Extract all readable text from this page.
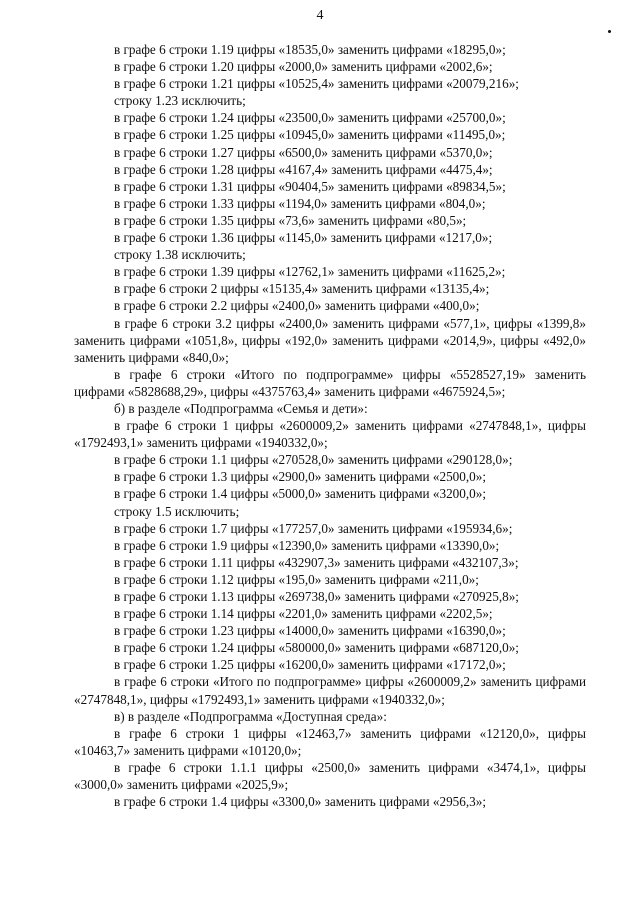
4

в графе 6 строки 1.19 цифры «18535,0» заменить цифрами «18295,0»;

в графе 6 строки 1.20 цифры «2000,0» заменить цифрами «2002,6»;

в графе 6 строки 1.21 цифры «10525,4» заменить цифрами «20079,216»;

строку 1.23 исключить;

в графе 6 строки 1.24 цифры «23500,0» заменить цифрами «25700,0»;

в графе 6 строки 1.25 цифры «10945,0» заменить цифрами «11495,0»;

в графе 6 строки 1.27 цифры «6500,0» заменить цифрами «5370,0»;

в графе 6 строки 1.28 цифры «4167,4» заменить цифрами «4475,4»;

в графе 6 строки 1.31 цифры «90404,5» заменить цифрами «89834,5»;

в графе 6 строки 1.33 цифры «1194,0» заменить цифрами «804,0»;

в графе 6 строки 1.35 цифры «73,6» заменить цифрами «80,5»;

в графе 6 строки 1.36 цифры «1145,0» заменить цифрами «1217,0»;

строку 1.38 исключить;

в графе 6 строки 1.39 цифры «12762,1» заменить цифрами «11625,2»;

в графе 6 строки 2 цифры «15135,4» заменить цифрами «13135,4»;

в графе 6 строки 2.2 цифры «2400,0» заменить цифрами «400,0»;

в графе 6 строки 3.2 цифры «2400,0» заменить цифрами «577,1», цифры «1399,8» заменить цифрами «1051,8», цифры «192,0» заменить цифрами «2014,9», цифры «492,0» заменить цифрами «840,0»;

в графе 6 строки «Итого по подпрограмме» цифры «5528527,19» заменить цифрами «5828688,29», цифры «4375763,4» заменить цифрами «4675924,5»;

б) в разделе «Подпрограмма «Семья и дети»:

в графе 6 строки 1 цифры «2600009,2» заменить цифрами «2747848,1», цифры «1792493,1» заменить цифрами «1940332,0»;

в графе 6 строки 1.1 цифры «270528,0» заменить цифрами «290128,0»;

в графе 6 строки 1.3 цифры «2900,0» заменить цифрами «2500,0»;

в графе 6 строки 1.4 цифры «5000,0» заменить цифрами «3200,0»;

строку 1.5 исключить;

в графе 6 строки 1.7 цифры «177257,0» заменить цифрами «195934,6»;

в графе 6 строки 1.9 цифры «12390,0» заменить цифрами «13390,0»;

в графе 6 строки 1.11 цифры «432907,3» заменить цифрами «432107,3»;

в графе 6 строки 1.12 цифры «195,0» заменить цифрами «211,0»;

в графе 6 строки 1.13 цифры «269738,0» заменить цифрами «270925,8»;

в графе 6 строки 1.14 цифры «2201,0» заменить цифрами «2202,5»;

в графе 6 строки 1.23 цифры «14000,0» заменить цифрами «16390,0»;

в графе 6 строки 1.24 цифры «580000,0» заменить цифрами «687120,0»;

в графе 6 строки 1.25 цифры «16200,0» заменить цифрами «17172,0»;

в графе 6 строки «Итого по подпрограмме» цифры «2600009,2» заменить цифрами «2747848,1», цифры «1792493,1» заменить цифрами «1940332,0»;

в) в разделе «Подпрограмма «Доступная среда»:

в графе 6 строки 1 цифры «12463,7» заменить цифрами «12120,0», цифры «10463,7» заменить цифрами «10120,0»;

в графе 6 строки 1.1.1 цифры «2500,0» заменить цифрами «3474,1», цифры «3000,0» заменить цифрами «2025,9»;

в графе 6 строки 1.4 цифры «3300,0» заменить цифрами «2956,3»;
